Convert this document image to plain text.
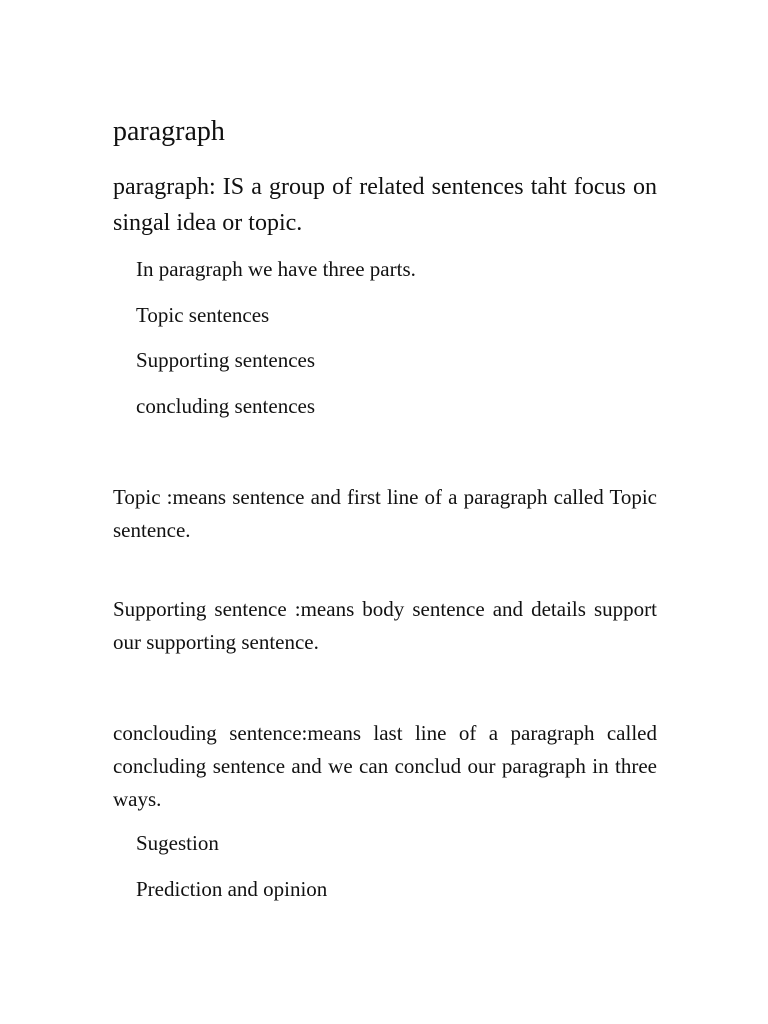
paragraph

paragraph: IS a group of related sentences taht focus on singal idea or topic.

In paragraph we have three parts.
Topic sentences
Supporting sentences
concluding sentences

Topic :means sentence and first line of a paragraph called Topic sentence.

Supporting sentence :means body sentence and details support our supporting sentence.

conclouding sentence:means last line of a paragraph called concluding sentence and we can conclud our paragraph in three ways.

Sugestion
Prediction and opinion
